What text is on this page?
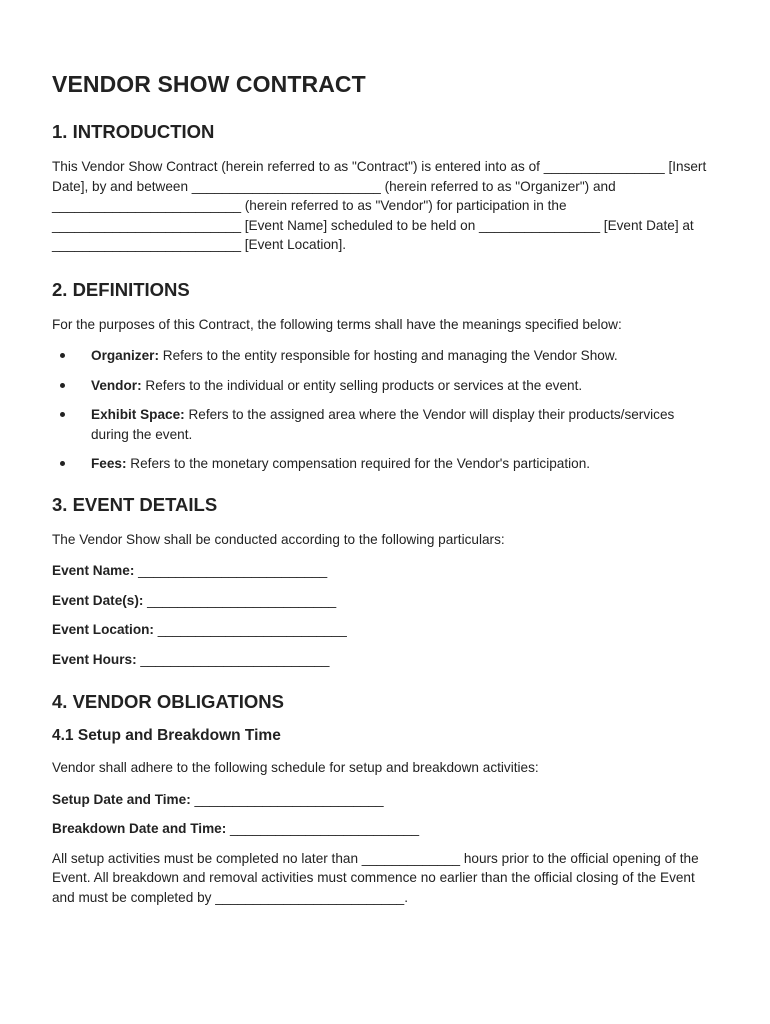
VENDOR SHOW CONTRACT
1. INTRODUCTION

This Vendor Show Contract (herein referred to as "Contract") is entered into as of ________________ [Insert Date], by and between _________________________ (herein referred to as "Organizer") and _________________________ (herein referred to as "Vendor") for participation in the _________________________ [Event Name] scheduled to be held on ________________ [Event Date] at _________________________ [Event Location].

2. DEFINITIONS

For the purposes of this Contract, the following terms shall have the meanings specified below:

Organizer: Refers to the entity responsible for hosting and managing the Vendor Show.
Vendor: Refers to the individual or entity selling products or services at the event.
Exhibit Space: Refers to the assigned area where the Vendor will display their products/services during the event.
Fees: Refers to the monetary compensation required for the Vendor's participation.
3. EVENT DETAILS

The Vendor Show shall be conducted according to the following particulars:

Event Name: _________________________
Event Date(s): _________________________
Event Location: _________________________
Event Hours: _________________________
4. VENDOR OBLIGATIONS
4.1 Setup and Breakdown Time

Vendor shall adhere to the following schedule for setup and breakdown activities:

Setup Date and Time: _________________________
Breakdown Date and Time: _________________________

All setup activities must be completed no later than _____________ hours prior to the official opening of the Event. All breakdown and removal activities must commence no earlier than the official closing of the Event and must be completed by _________________________.
